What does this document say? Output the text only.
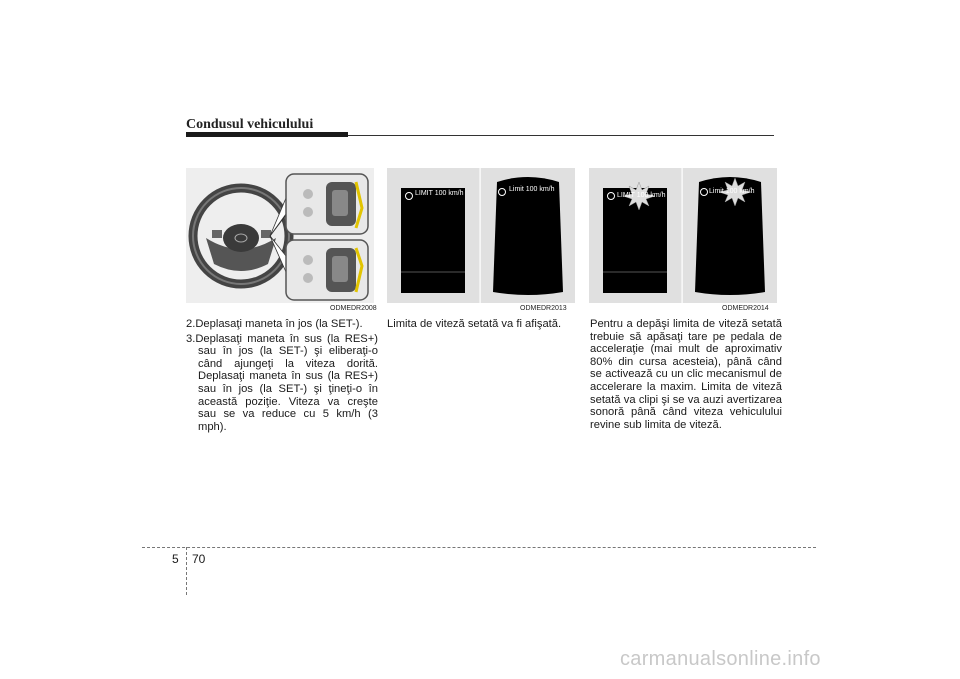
Condusul vehiculului
ODMEDR2008
LIMIT 100 km/h
Limit 100 km/h
ODMEDR2013
LIMIT 100 km/h
Limit 100 km/h
ODMEDR2014

2.Deplasaţi maneta în jos (la SET-).

3.Deplasaţi maneta în sus (la RES+) sau în jos (la SET-) şi eliberaţi-o când ajungeţi la viteza dorită. Deplasaţi maneta în sus (la RES+) sau în jos (la SET-) şi ţineţi-o în această poziţie. Viteza va creşte sau se va reduce cu 5 km/h (3 mph).

Limita de viteză setată va fi afişată.	Pentru a depăşi limita de viteză setată trebuie să apăsaţi tare pe pedala de acceleraţie (mai mult de aproximativ 80% din cursa acesteia), până când se activează cu un clic mecanismul de accelerare la maxim. Limita de viteză setată va clipi şi se va auzi avertizarea sonoră până când viteza vehiculului revine sub limita de viteză.

5 70
carmanualsonline.info
